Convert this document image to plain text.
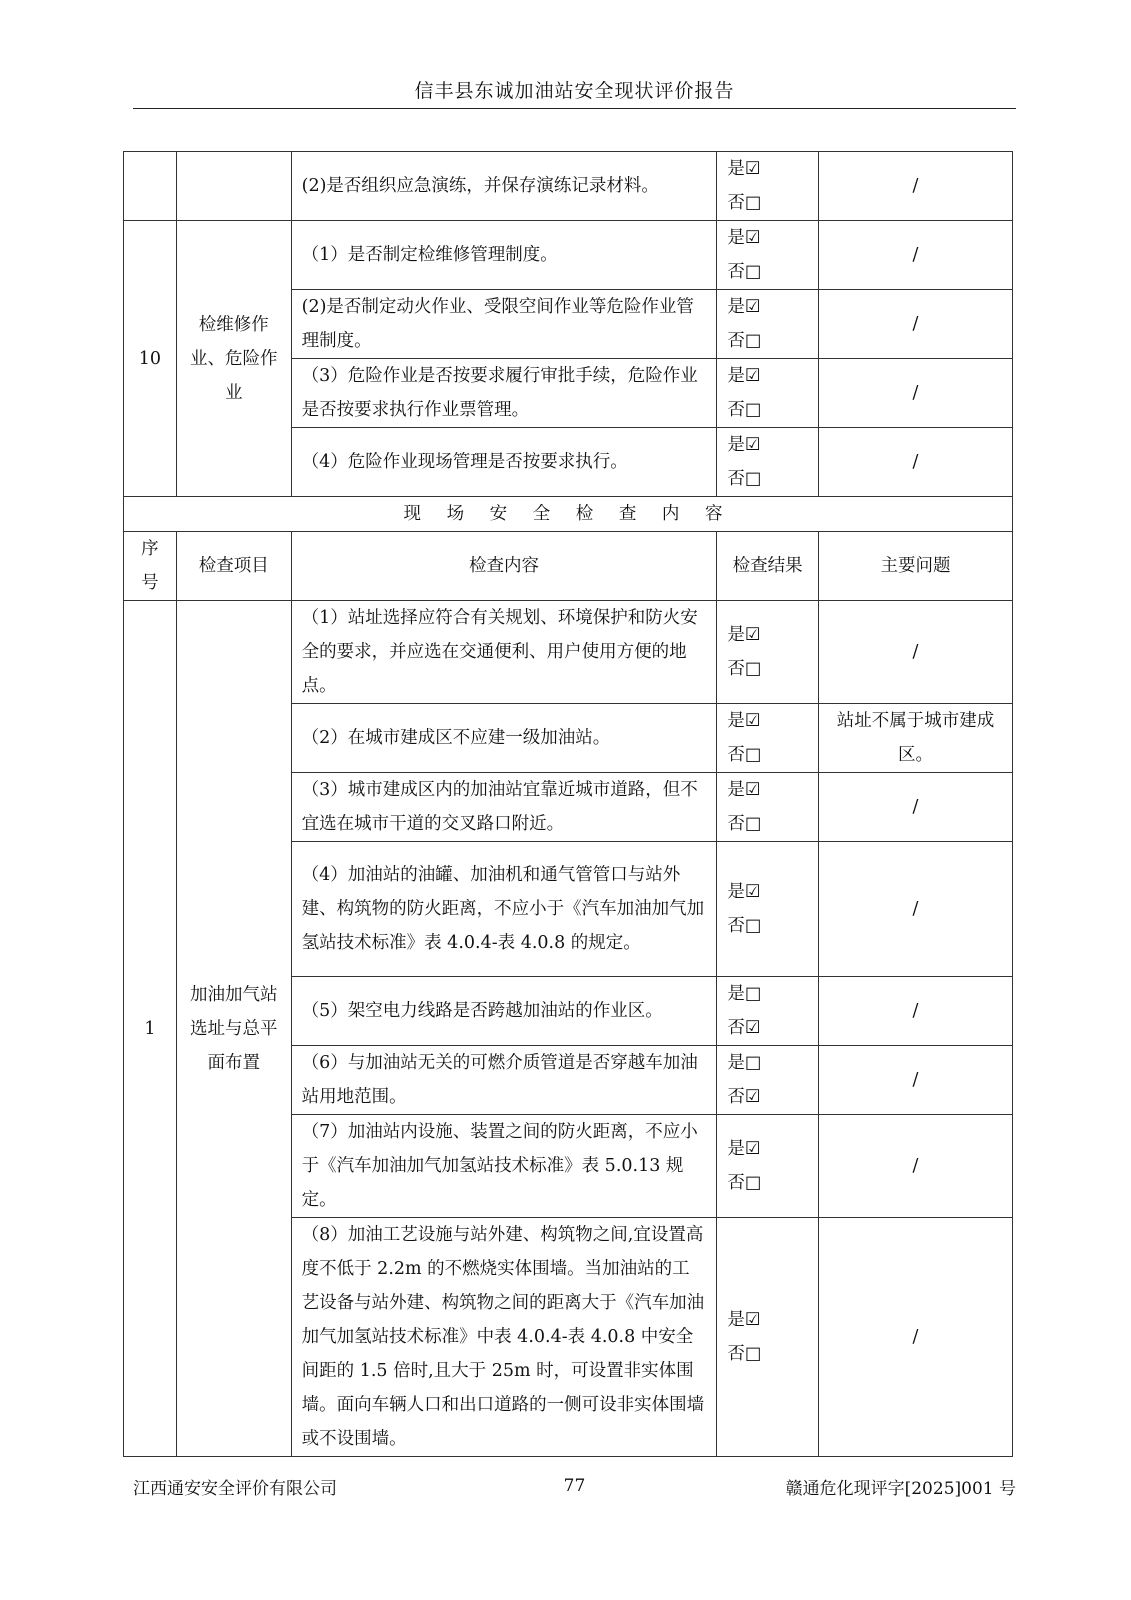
信丰县东诚加油站安全现状评价报告
		(2)是否组织应急演练，并保存演练记录材料。	是☑
否□	/
10	检维修作业、危险作业	（1）是否制定检维修管理制度。	是☑
否□	/
		(2)是否制定动火作业、受限空间作业等危险作业管理制度。	是☑
否□	/
		（3）危险作业是否按要求履行审批手续，危险作业是否按要求执行作业票管理。	是☑
否□	/
		（4）危险作业现场管理是否按要求执行。	是☑
否□	/
现 场 安 全 检 查 内 容				
序号	检查项目	检查内容	检查结果	主要问题
1	加油加气站选址与总平面布置	（1）站址选择应符合有关规划、环境保护和防火安全的要求，并应选在交通便利、用户使用方便的地点。	是☑
否□	/
		（2）在城市建成区不应建一级加油站。	是☑
否□	站址不属于城市建成区。
		（3）城市建成区内的加油站宜靠近城市道路，但不宜选在城市干道的交叉路口附近。	是☑
否□	/
		（4）加油站的油罐、加油机和通气管管口与站外建、构筑物的防火距离，不应小于《汽车加油加气加氢站技术标准》表 4.0.4-表 4.0.8 的规定。	是☑
否□	/
		（5）架空电力线路是否跨越加油站的作业区。	是□
否☑	/
		（6）与加油站无关的可燃介质管道是否穿越车加油站用地范围。	是□
否☑	/
		（7）加油站内设施、装置之间的防火距离，不应小于《汽车加油加气加氢站技术标准》表 5.0.13 规定。	是☑
否□	/
		（8）加油工艺设施与站外建、构筑物之间,宜设置高度不低于 2.2m 的不燃烧实体围墙。当加油站的工艺设备与站外建、构筑物之间的距离大于《汽车加油加气加氢站技术标准》中表 4.0.4-表 4.0.8 中安全间距的 1.5 倍时,且大于 25m 时，可设置非实体围墙。面向车辆人口和出口道路的一侧可设非实体围墙或不设围墙。	是☑
否□	/
江西通安安全评价有限公司	77	赣通危化现评字[2025]001 号
